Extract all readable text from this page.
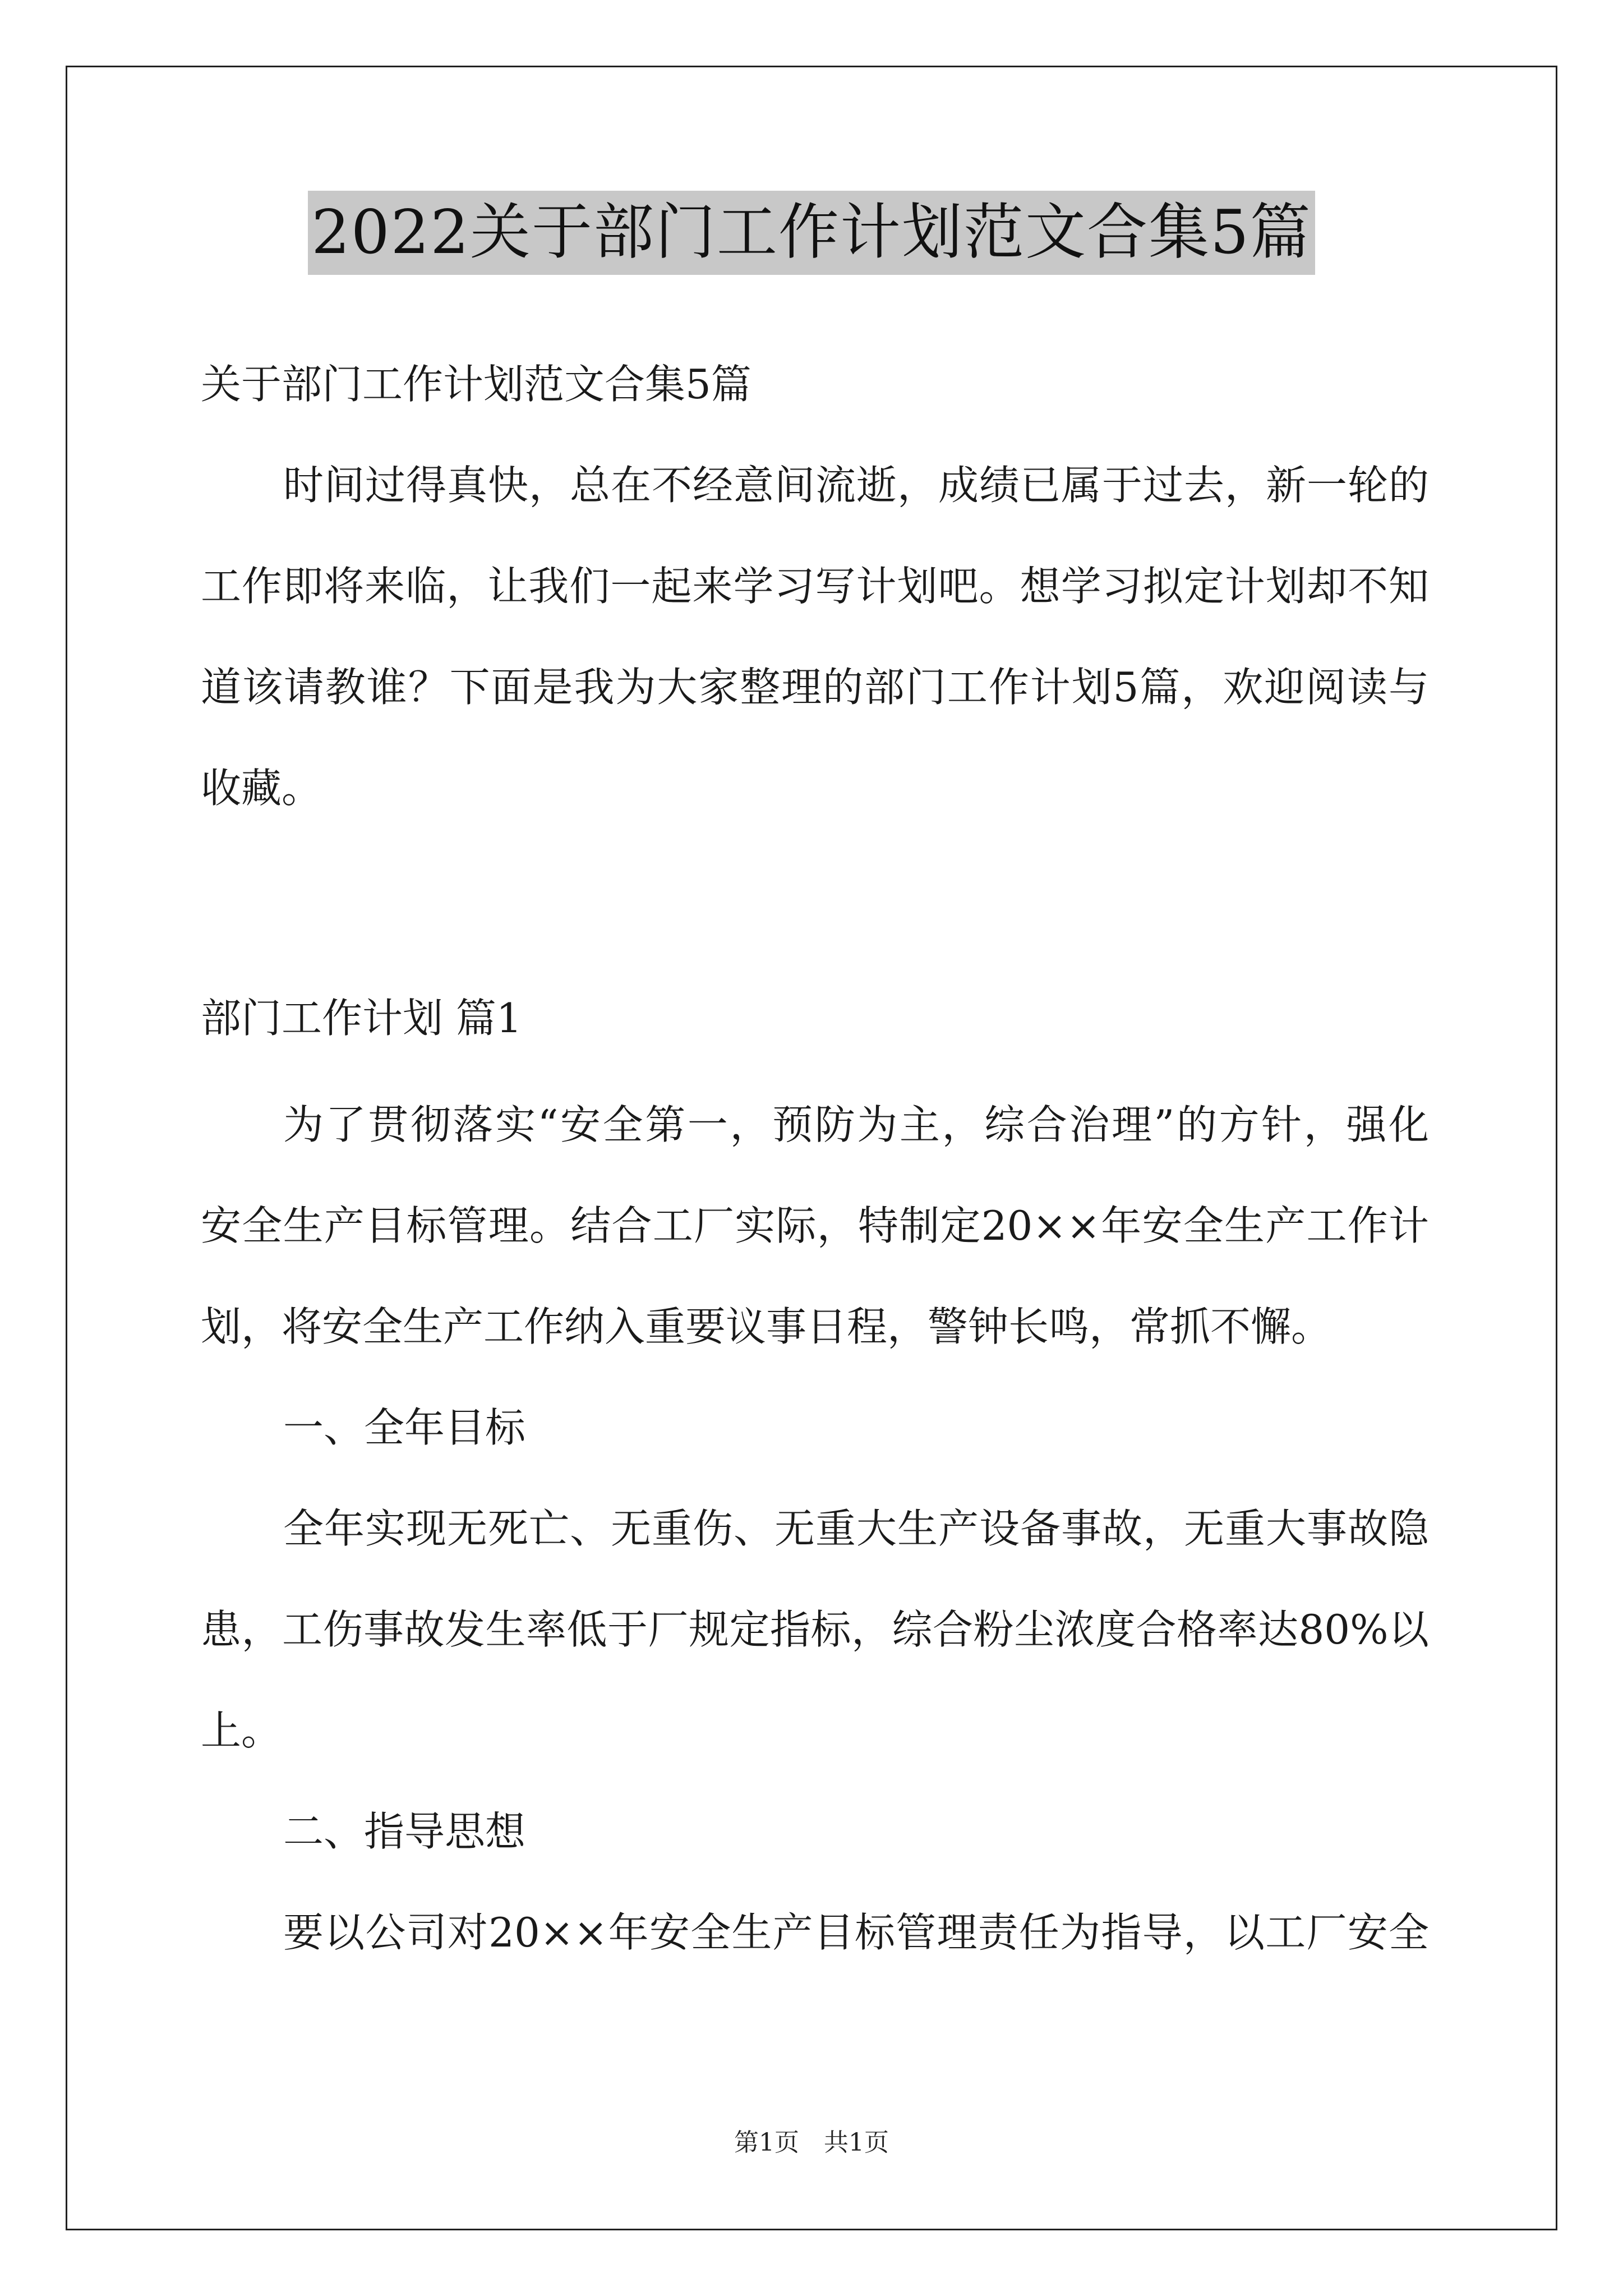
2022关于部门工作计划范文合集5篇
关于部门工作计划范文合集5篇
时间过得真快，总在不经意间流逝，成绩已属于过去，新一轮的
工作即将来临，让我们一起来学习写计划吧。想学习拟定计划却不知
道该请教谁？下面是我为大家整理的部门工作计划5篇，欢迎阅读与
收藏。
部门工作计划 篇1
为了贯彻落实“安全第一，预防为主，综合治理”的方针，强化
安全生产目标管理。结合工厂实际，特制定20××年安全生产工作计
划，将安全生产工作纳入重要议事日程，警钟长鸣，常抓不懈。
一、全年目标
全年实现无死亡、无重伤、无重大生产设备事故，无重大事故隐
患，工伤事故发生率低于厂规定指标，综合粉尘浓度合格率达80%以
上。
二、指导思想
要以公司对20××年安全生产目标管理责任为指导，以工厂安全
第1页　共1页
